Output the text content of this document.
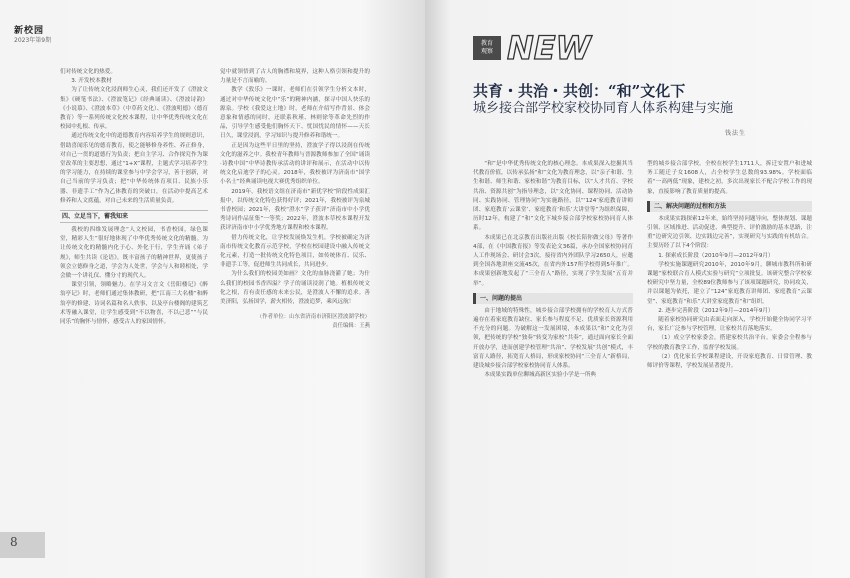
新校园
2023年第9期

们对传统文化的热爱。

3. 开发校本教材

为了让传统文化浸润师生心灵，我们还开发了《澄波文集》《硬笔书法》、《澄波笔记》《经典诵读》、《澄波诗韵》《小说慕》、《澄波本草》（中草药文化）、《澄波明德》（德育教育）等一系列传统文化校本课程，让中华优秀传统文化在校园中扎根、传承。

通过传统文化中的道德教育内容培养学生的规则意识，借助喜闻乐见的德育教育，使之能够修身养性、养正修身，对自己一贯的道德行为负责；把自主学习、合作探究作为课堂改革的主要思想，通过“1+X”课程，主题式学习培养学生的学习能力，在持续的课堂参与中学会学习，善于创新，对自己当前的学习负责；把“中华传统体育项目、民族小乐器、非遗手工”作为乙体教育的突破口，在活动中提高艺术修养和人文底蕴，对自己未来的生活质量负责。

四、立足当下，蓄我知来

我校的四维发展理念“人文校园，书香校园，绿色课堂，精彩人生”很好地体现了中华优秀传统文化的精髓。为让传统文化的精髓内化于心、外化于行，学生齐诵《弟子规》，师生共读《论语》，既丰富孩子的精神世界，更使孩子领会立德修身之道，学会为人处世，学会与人和睦相处，学会做一个讲礼仪、懂分寸的现代人。

课堂引领，领略魅力。在学习文言文《岳阳楼记》《醉翁亭记》时，老师们通过集体教研，把“江南三大名楼”和醉翁亭的修建、诗词名篇和名人轶事，以及亭台楼阁的建筑艺术等融入课堂，让学生感受到“不以物喜，不以己悲”“与民同乐”的胸怀与情怀，感受古人的家国情怀。

觉中就领悟到了古人的胸襟和境界，这种人格引领和提升的力量是不言而喻的。

教学《敦乐》一课时，老师们在引领学生分析文本时，通过对中华传统文化中“乐”的精神内涵，探寻中国人快乐的源泉。学校《我爱这土地》时，老师在介绍写作背景、体会意象和情感的同时，还联系秋瑾、林则徐等革命先烈的作品，引导学生感受他们胸怀天下、忧国忧民的情怀——天长日久，课堂浸润，学习知识与提升修养和谐统一。

正是因为这些平日里的坚持，澄波学子得以浸润在传统文化的滋养之中。我校青年教师与晋源教师参加了全国“诵读·诗教中国”中华诗教传承活动的讲评和展示，在活动中以传统文化启迪学子的心灵。2018年，我校被评为济南市“国学小名士”经典诵读电视大赛优秀组织单位。

2019年，我校语文组在济南市“新优学校”阶段性成果汇报中，以传统文化特色获得好评；2021年，我校被评为泉城书香校园；2021年，我校“澄水”学子获评“济南市中小学优秀诗词作品征集”一等奖；2022年，澄波本草校本课程开发获评济南市中小学优秀地方课程和校本课程。

借力传统文化，让学校发展焕发生机。学校被确定为济南市传统文化教育示范学校，学校在校园建设中融入传统文化元素，打造一批传统文化特色项目，如传统体育、民乐、非遗手工等，促进师生共同成长，共同进步。

为什么我们的校园美如画？文化的血脉浇灌了她；为什么我们的校园书香四溢？学子的诵读浸润了她。植根传统文化之根，育有责任感的未来公民，是澄波人不懈的追求。善美济阳，弘扬国学，薪火相传，澄波追梦，乘风远航！

（作者单位：山东省济南市济阳区澄波湖学校）
责任编辑：王燕
8
教育
观察 NEW
共育・共治・共创：“和”文化下
城乡接合部学校家校协同育人体系构建与实施
钱法生

“和”是中华优秀传统文化的核心理念。本成果深入挖掘其当代教育价值，以传承弘扬“和”文化为教育理念，以“亲子和谐、生生和谐、师生和谐、家校和谐”为教育目标，以“人才共育、学校共治、资源共创”为指导理念，以“文化协同、课程协同、活动协同、实践协同、管理协同”为实施路径，以“‘124’家庭教育讲师团、家庭教育‘云课堂’、家庭教育‘和乐’大讲堂等”为组织保障，历时12年，构建了“和”文化下城乡接合部学校家校协同育人体系。

本成果已在北京教育出版社出版《校长陪你做父母》等著作4部，在《中国教育报》等发表论文36篇，承办全国家校协同育人工作现场会、研讨会3次，接待省内外团队学习2650人，应邀到全国各地讲座交流45次，在省内外157所学校得到5年推广。本成果创新地发起了“三全育人”路径，实现了学生发展“五育并举”。

一、问题的提出

由于地域的特殊性，城乡接合部学校拥有的学校育人方式普遍存在着家庭教育缺位、家长参与程度不足、优质家长资源利用不充分的问题。为破解这一发展困境，本成果以“和”文化为引领，把传统的学校“独奏”转变为家校“共奏”，通过面向家长全面开放办学，进而创建学校管理“共治”、学校发展“共创”模式，丰富育人路径，拓宽育人格局，形成家校协同“三全育人”新格局，建设城乡接合部学校家校协同育人体系。

本成果实践单位聊城高新区实验小学是一所典

型的城乡接合部学校。全校在校学生1711人，拆迁安置户和进城务工随迁子女1608人，占全校学生总数的93.98%。学校面临着“一高两低”现象，建校之初，多次出现家长不配合学校工作的现象，直接影响了教育质量的提高。

二、解决问题的过程和方法

本成果实践探索12年来，始终坚持问题导向，整体规划、课题引领、区域推进、活动促进、典型提升、评价激励的基本思路，注重“边研究边引领、边实践边完善”，实现研究与实践的有机结合。主要历经了以下4个阶段：

1. 探索成长阶段（2010年9月—2012年9月）

学校实施课题研究2010年，2010年9月，聊城市教科所和研课题“家校联合育人模式实验与研究”立项批复。该研究整合学校家校研究中坚力量，全校89位教师参与了该项课题研究，协同攻关，并以课题为依托，建立了“124”家庭教育讲师团、家庭教育“云课堂”、家庭教育“和乐”大讲堂家庭教育“和”组织。

2. 逐步完善阶段（2012年9月—2014年9月）

随着家校协同研究由表面走向深入，学校开始健全协同学习平台，家长广泛参与学校管理，让家校共育落地落实。

（1）成立学校家委会，搭建家校共治平台。家委会全程参与学校的教育教学工作，监督学校发展。

（2）优化家长学校课程建设，开设家庭教育、日常管理、教师评价等课程，学校发展显著提升。
